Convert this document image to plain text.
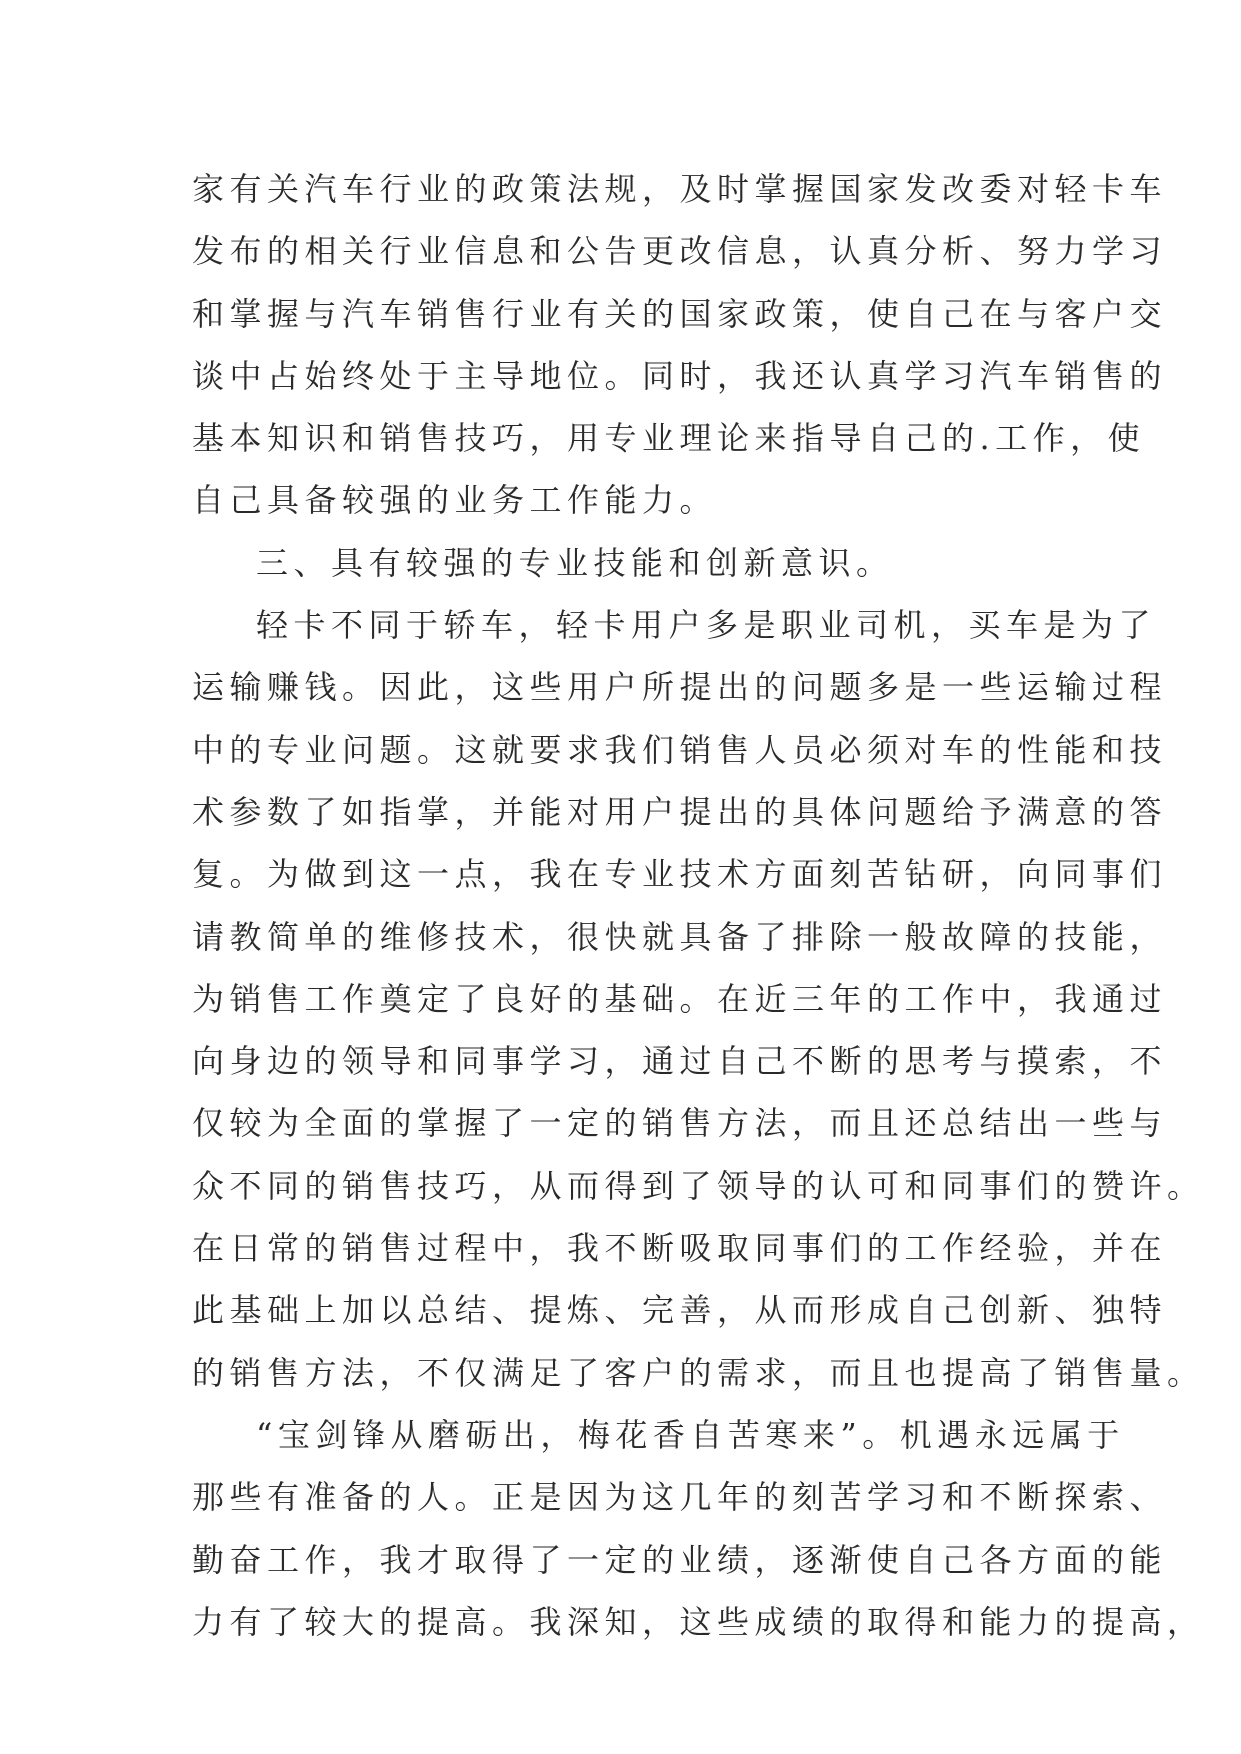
家有关汽车行业的政策法规，及时掌握国家发改委对轻卡车
发布的相关行业信息和公告更改信息，认真分析、努力学习
和掌握与汽车销售行业有关的国家政策，使自己在与客户交
谈中占始终处于主导地位。同时，我还认真学习汽车销售的
基本知识和销售技巧，用专业理论来指导自己的.工作，使
自己具备较强的业务工作能力。
三、具有较强的专业技能和创新意识。
轻卡不同于轿车，轻卡用户多是职业司机，买车是为了
运输赚钱。因此，这些用户所提出的问题多是一些运输过程
中的专业问题。这就要求我们销售人员必须对车的性能和技
术参数了如指掌，并能对用户提出的具体问题给予满意的答
复。为做到这一点，我在专业技术方面刻苦钻研，向同事们
请教简单的维修技术，很快就具备了排除一般故障的技能，
为销售工作奠定了良好的基础。在近三年的工作中，我通过
向身边的领导和同事学习，通过自己不断的思考与摸索，不
仅较为全面的掌握了一定的销售方法，而且还总结出一些与
众不同的销售技巧，从而得到了领导的认可和同事们的赞许。
在日常的销售过程中，我不断吸取同事们的工作经验，并在
此基础上加以总结、提炼、完善，从而形成自己创新、独特
的销售方法，不仅满足了客户的需求，而且也提高了销售量。
“宝剑锋从磨砺出，梅花香自苦寒来”。机遇永远属于
那些有准备的人。正是因为这几年的刻苦学习和不断探索、
勤奋工作，我才取得了一定的业绩，逐渐使自己各方面的能
力有了较大的提高。我深知，这些成绩的取得和能力的提高，
